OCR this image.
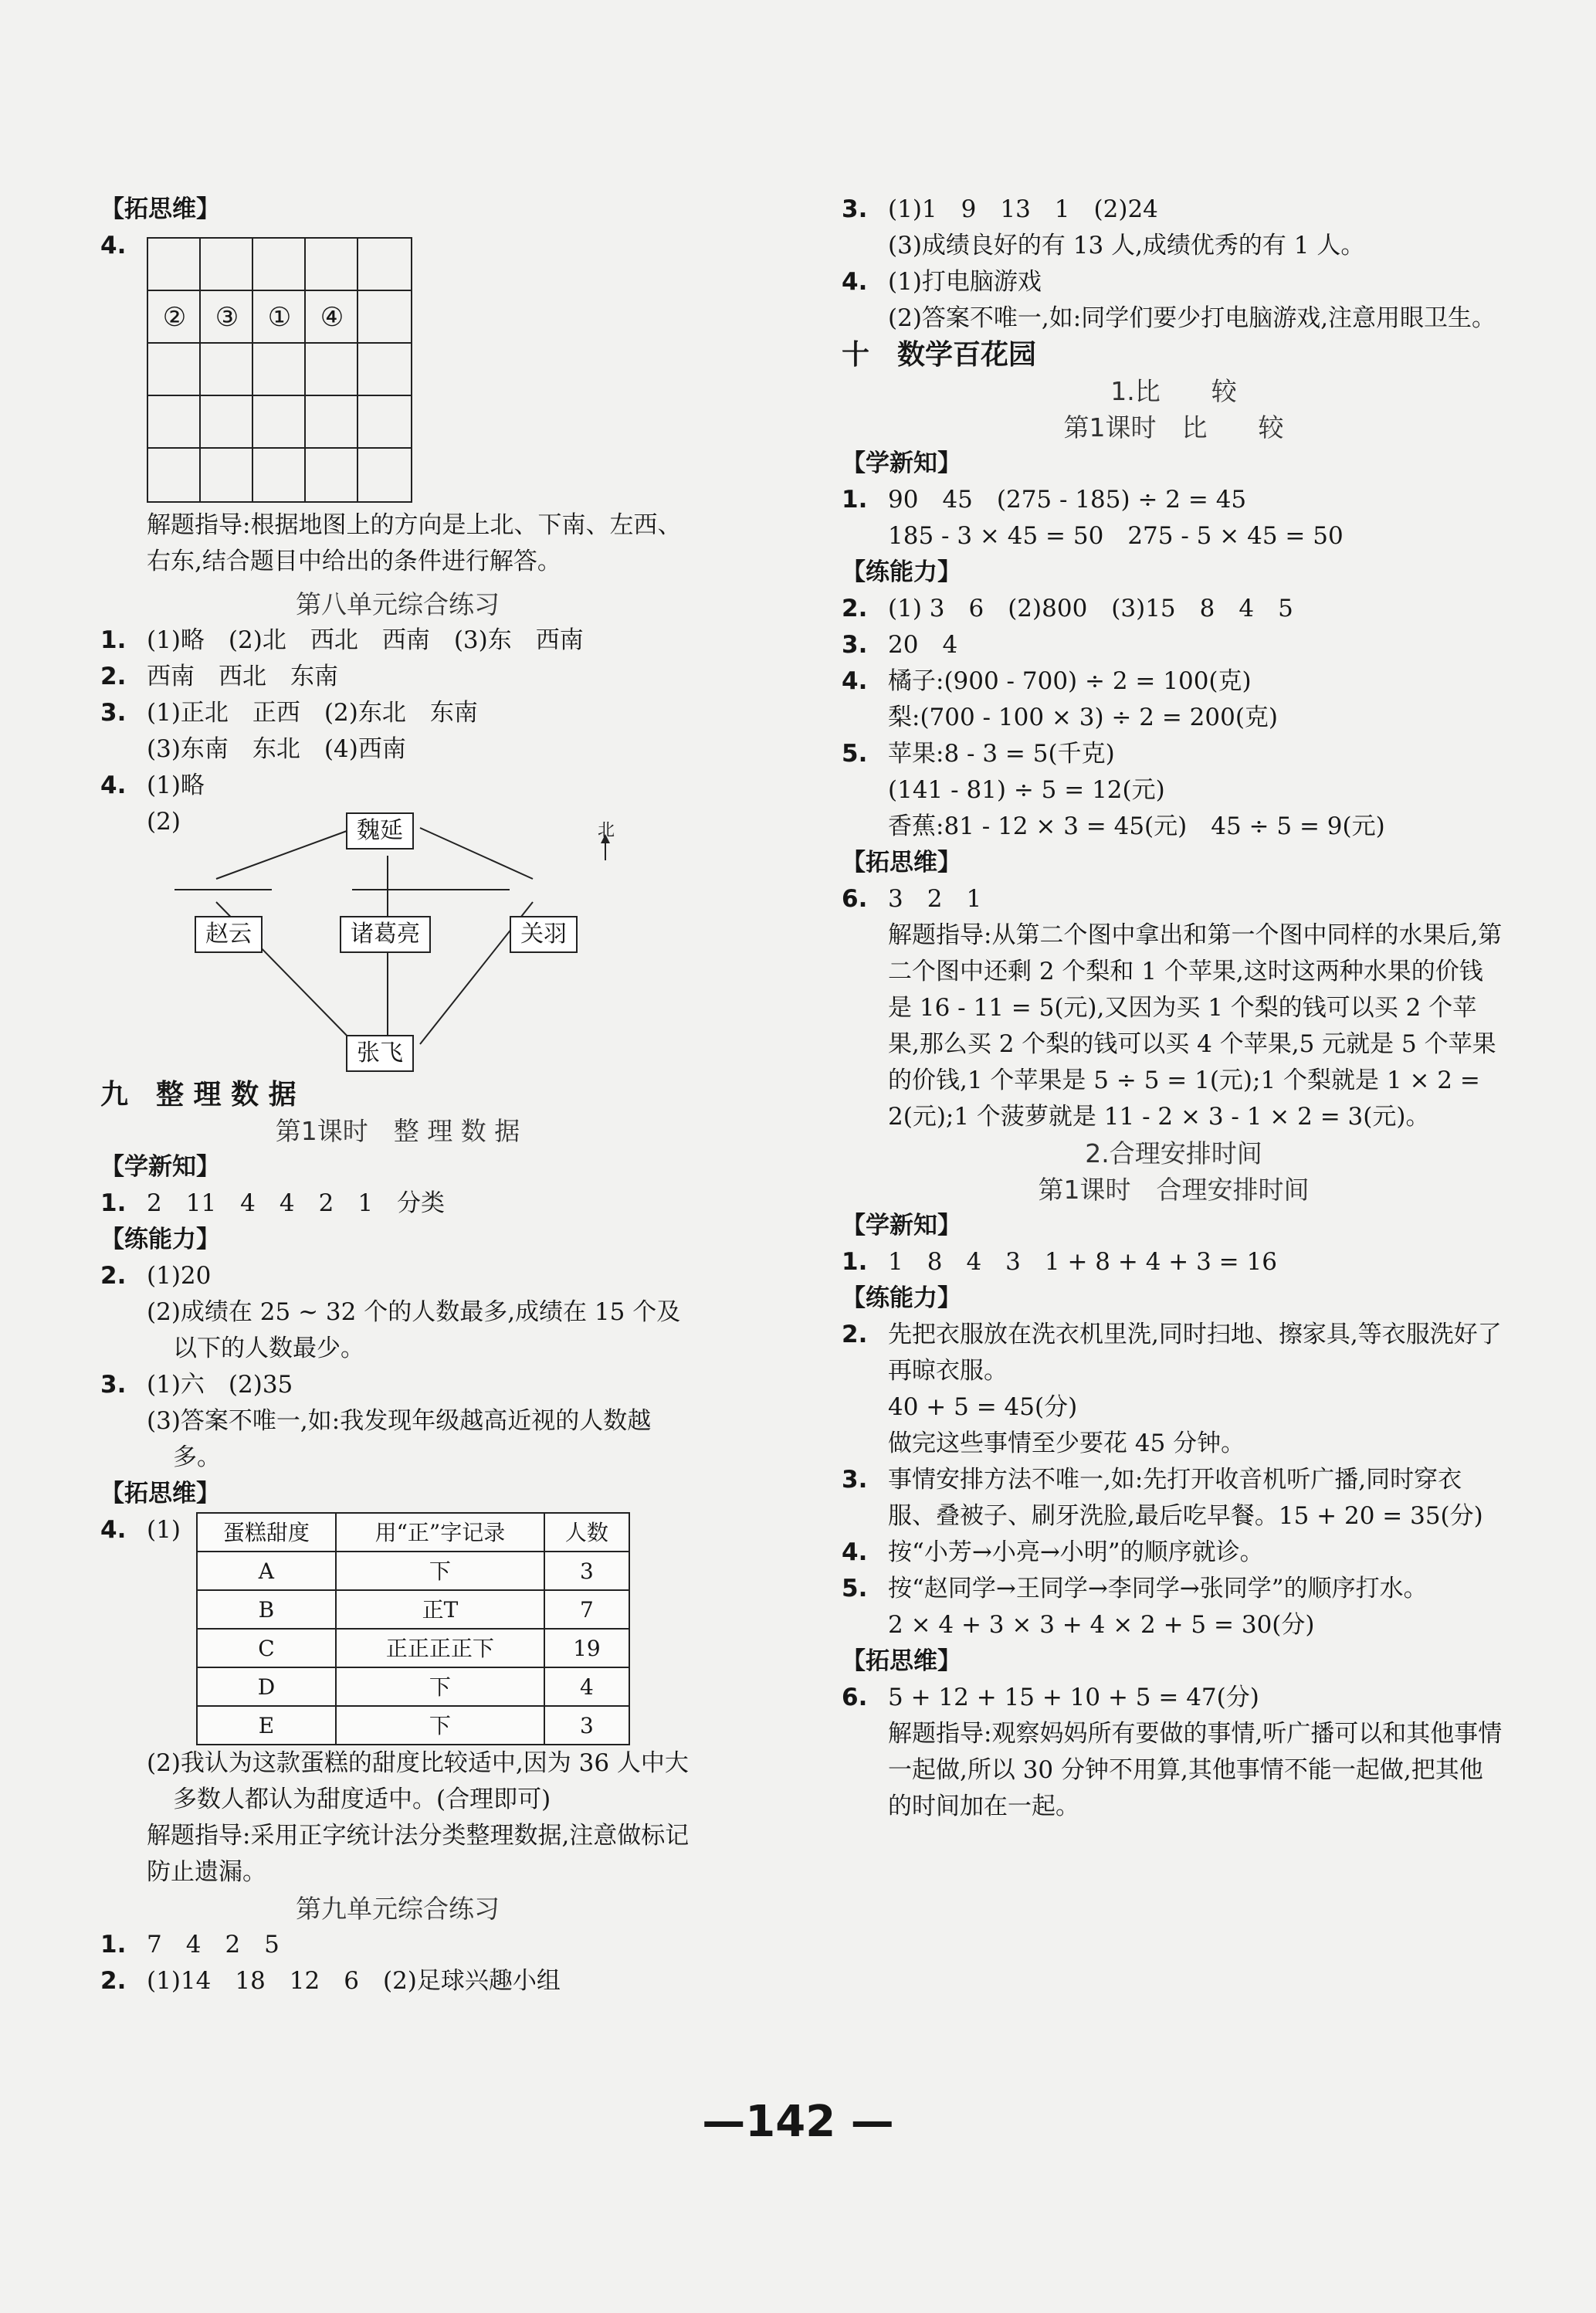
【拓思维】
4.
②	③	①	④
解题指导:根据地图上的方向是上北、下南、左西、右东,结合题目中给出的条件进行解答。
第八单元综合练习
1. (1)略　(2)北　西北　西南　(3)东　西南
2. 西南　西北　东南
3. (1)正北　正西　(2)东北　东南
(3)东南　东北　(4)西南
4. (1)略
(2)	魏延
赵云	诸葛亮	关羽
张飞
北
九　整 理 数 据
第1课时　整 理 数 据
【学新知】
1. 2　11　4　4　2　1　分类
【练能力】
2. (1)20
(2)成绩在 25 ~ 32 个的人数最多,成绩在 15 个及以下的人数最少。
3. (1)六　(2)35
(3)答案不唯一,如:我发现年级越高近视的人数越多。
【拓思维】
4. (1) 蛋糕甜度	用“正”字记录	人数
A	下	3
B	正T	7
C	正正正正下	19
D	下	4
E	下	3
(2)我认为这款蛋糕的甜度比较适中,因为 36 人中大多数人都认为甜度适中。(合理即可)
解题指导:采用正字统计法分类整理数据,注意做标记防止遗漏。
第九单元综合练习
1. 7　4　2　5
2. (1)14　18　12　6　(2)足球兴趣小组
3. (1)1　9　13　1　(2)24
(3)成绩良好的有 13 人,成绩优秀的有 1 人。
4. (1)打电脑游戏
(2)答案不唯一,如:同学们要少打电脑游戏,注意用眼卫生。
十　数学百花园
1.比　　较
第1课时　比　　较
【学新知】
1. 90　45　(275 - 185) ÷ 2 = 45
185 - 3 × 45 = 50　275 - 5 × 45 = 50
【练能力】
2. (1) 3　6　(2)800　(3)15　8　4　5
3. 20　4
4. 橘子:(900 - 700) ÷ 2 = 100(克)
梨:(700 - 100 × 3) ÷ 2 = 200(克)
5. 苹果:8 - 3 = 5(千克)
(141 - 81) ÷ 5 = 12(元)
香蕉:81 - 12 × 3 = 45(元)　45 ÷ 5 = 9(元)
【拓思维】
6. 3　2　1
解题指导:从第二个图中拿出和第一个图中同样的水果后,第二个图中还剩 2 个梨和 1 个苹果,这时这两种水果的价钱是 16 - 11 = 5(元),又因为买 1 个梨的钱可以买 2 个苹果,那么买 2 个梨的钱可以买 4 个苹果,5 元就是 5 个苹果的价钱,1 个苹果是 5 ÷ 5 = 1(元);1 个梨就是 1 × 2 = 2(元);1 个菠萝就是 11 - 2 × 3 - 1 × 2 = 3(元)。
2.合理安排时间
第1课时　合理安排时间
【学新知】
1. 1　8　4　3　1 + 8 + 4 + 3 = 16
【练能力】
2. 先把衣服放在洗衣机里洗,同时扫地、擦家具,等衣服洗好了再晾衣服。
40 + 5 = 45(分)
做完这些事情至少要花 45 分钟。
3. 事情安排方法不唯一,如:先打开收音机听广播,同时穿衣服、叠被子、刷牙洗脸,最后吃早餐。15 + 20 = 35(分)
4. 按“小芳→小亮→小明”的顺序就诊。
5. 按“赵同学→王同学→李同学→张同学”的顺序打水。
2 × 4 + 3 × 3 + 4 × 2 + 5 = 30(分)
【拓思维】
6. 5 + 12 + 15 + 10 + 5 = 47(分)
解题指导:观察妈妈所有要做的事情,听广播可以和其他事情一起做,所以 30 分钟不用算,其他事情不能一起做,把其他的时间加在一起。
—142 —
